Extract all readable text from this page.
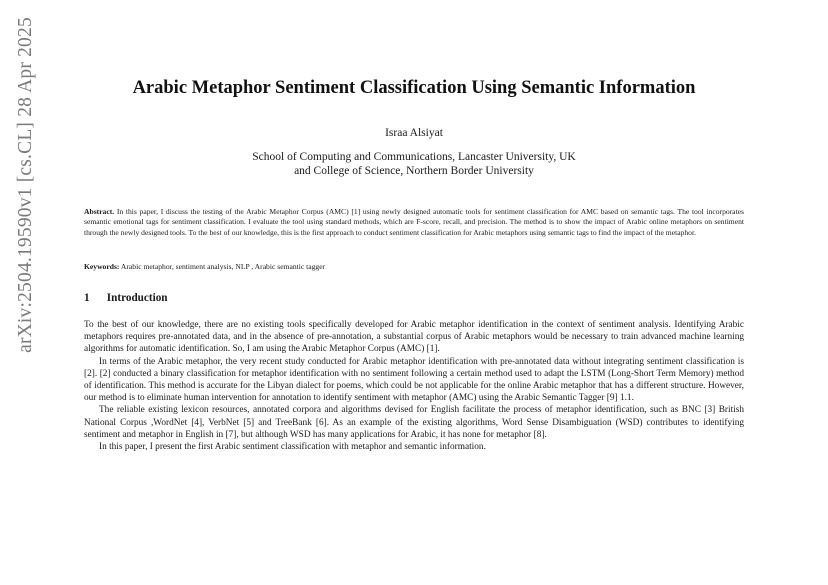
arXiv:2504.19590v1 [cs.CL] 28 Apr 2025	Arabic Metaphor Sentiment Classification Using Semantic Information
Israa Alsiyat
School of Computing and Communications, Lancaster University, UK
and College of Science, Northern Border University
Abstract. In this paper, I discuss the testing of the Arabic Metaphor Corpus (AMC) [1] using newly designed automatic tools for sentiment classification for AMC based on semantic tags. The tool incorporates semantic emotional tags for sentiment classification. I evaluate the tool using standard methods, which are F-score, recall, and precision. The method is to show the impact of Arabic online metaphors on sentiment through the newly designed tools. To the best of our knowledge, this is the first approach to conduct sentiment classification for Arabic metaphors using semantic tags to find the impact of the metaphor.
Keywords: Arabic metaphor, sentiment analysis, NLP , Arabic semantic tagger
1 Introduction

To the best of our knowledge, there are no existing tools specifically developed for Arabic metaphor identification in the context of sentiment analysis. Identifying Arabic metaphors requires pre-annotated data, and in the absence of pre-annotation, a substantial corpus of Arabic metaphors would be necessary to train advanced machine learning algorithms for automatic identification. So, I am using the Arabic Metaphor Corpus (AMC) [1].

In terms of the Arabic metaphor, the very recent study conducted for Arabic metaphor identification with pre-annotated data without integrating sentiment classification is [2]. [2] conducted a binary classification for metaphor identification with no sentiment following a certain method used to adapt the LSTM (Long-Short Term Memory) method of identification. This method is accurate for the Libyan dialect for poems, which could be not applicable for the online Arabic metaphor that has a different structure. However, our method is to eliminate human intervention for annotation to identify sentiment with metaphor (AMC) using the Arabic Semantic Tagger [9] 1.1.

The reliable existing lexicon resources, annotated corpora and algorithms devised for English facilitate the process of metaphor identification, such as BNC [3] British National Corpus ,WordNet [4], VerbNet [5] and TreeBank [6]. As an example of the existing algorithms, Word Sense Disambiguation (WSD) contributes to identifying sentiment and metaphor in English in [7], but although WSD has many applications for Arabic, it has none for metaphor [8].

In this paper, I present the first Arabic sentiment classification with metaphor and semantic information.
